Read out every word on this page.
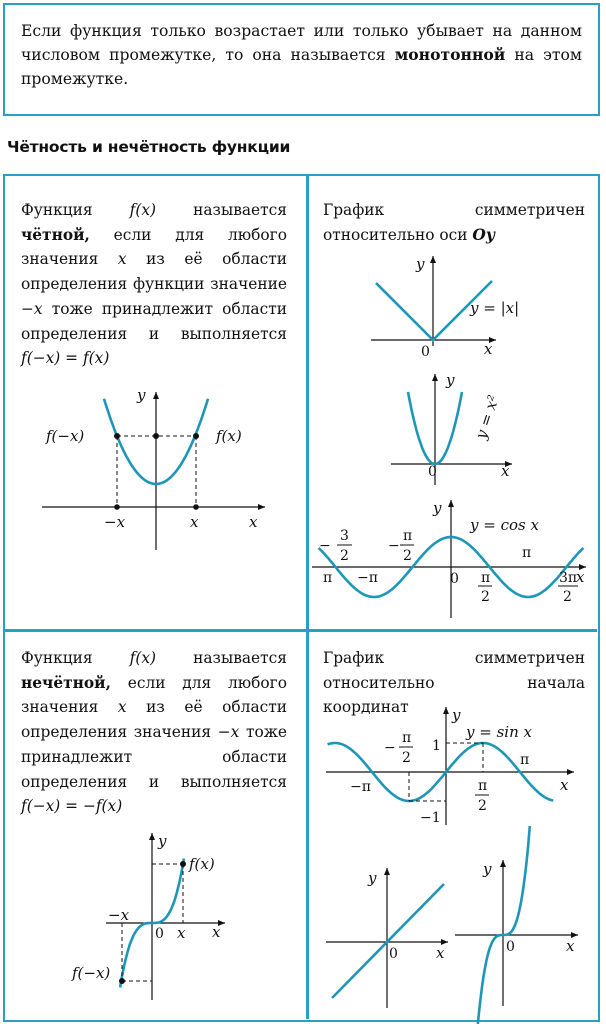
Если функция только возрастает или только убывает на данном числовом промежутке, то она называется монотонной на этом промежутке.
Чётность и нечётность функции
Функция f(x) называется чётной, если для любого значения x из её области определения функции значение −x тоже принадлежит области определения и выполняется f(−x) = f(x)
Функция f(x) называется нечётной, если для любого значения x из её области определения значения −x тоже принадлежит области определения и выполняется f(−x) = −f(x)
График симметричен относительно оси Oy
График симметричен относительно начала координат
f(−x)	f(x)
y
x
−x	x
y
x
0
y = |x|
y
x
0
y = x²
y
x
0
y = cos x
−
3
2
−
π
2
π −π	π
2
π
3π
2
y
x
1
−1
y = sin x
−
π
2
−π	π
2
π
f(x)
f(−x)
y
x
−x
x
0
y
x
0
y
x
0
